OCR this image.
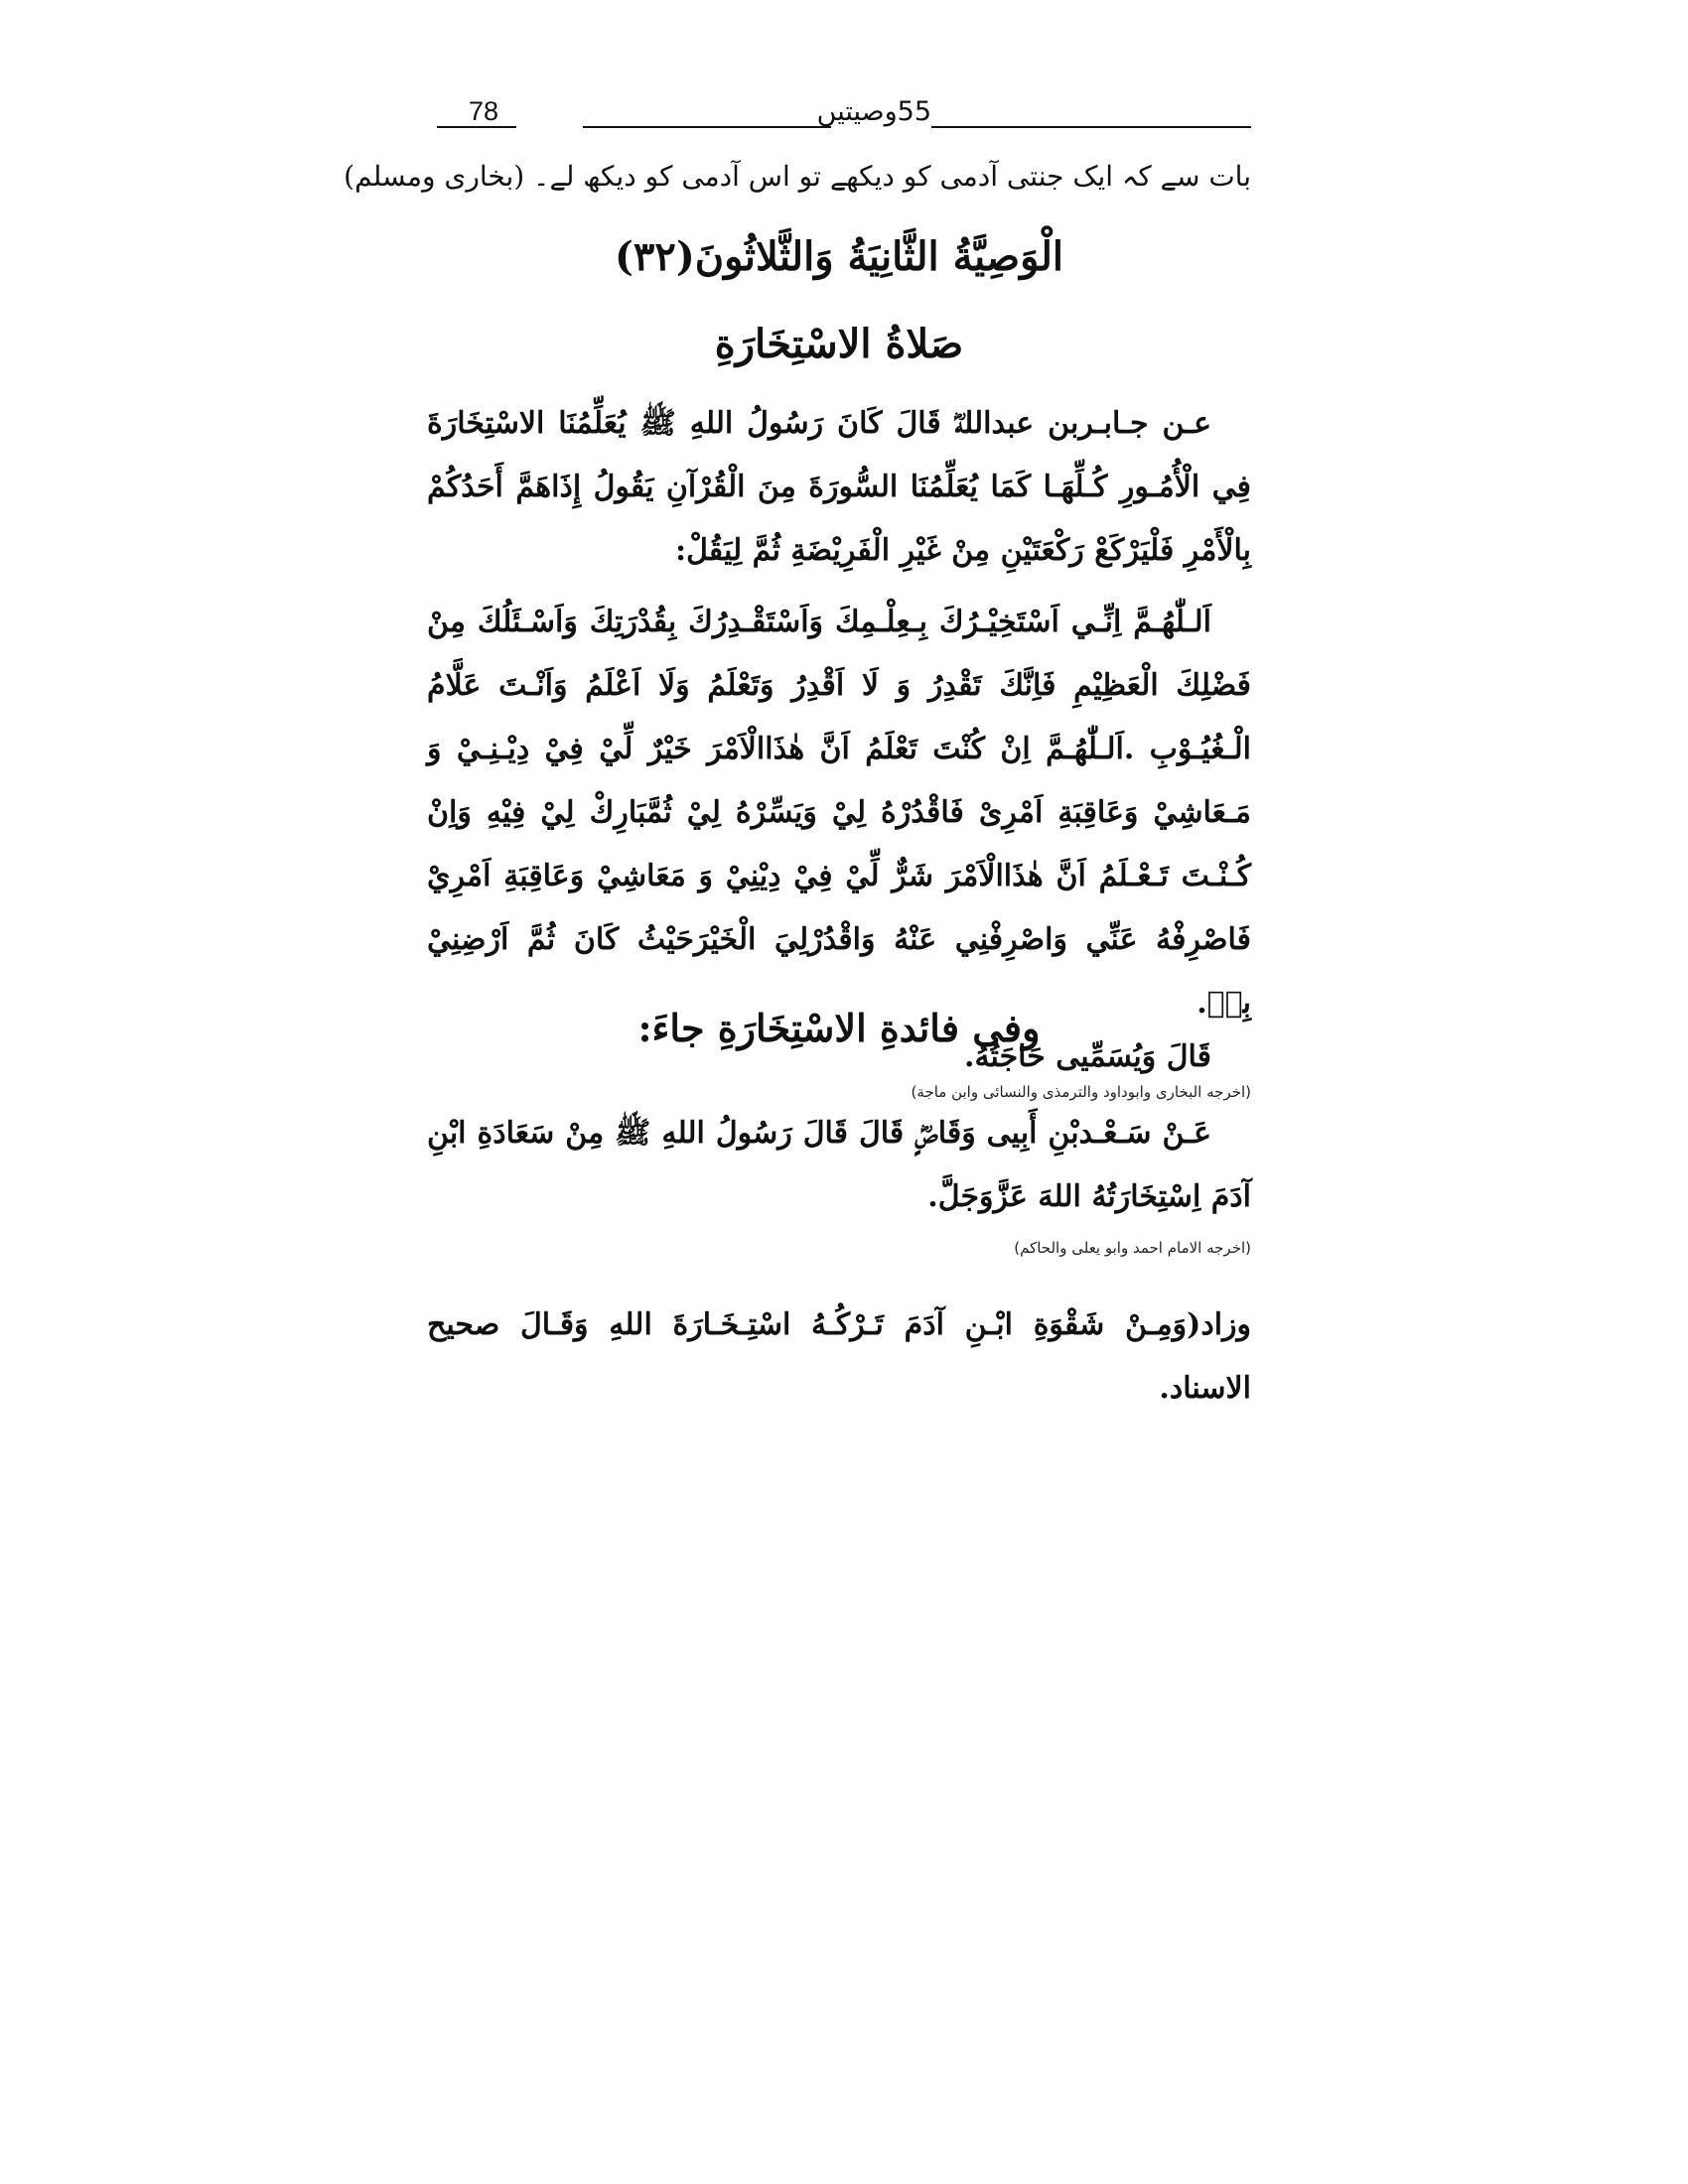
78	55وصیتیں
بات سے کہ ایک جنتی آدمی کو دیکھے تو اس آدمی کو دیکھ لے۔ (بخاری ومسلم)
الْوَصِيَّةُ الثَّانِيَةُ وَالثَّلاثُونَ(٣٢)
صَلاةُ الاسْتِخَارَةِ
عـن جـابـربن عبداللهؓ قَالَ كَانَ رَسُولُ اللهِ ﷺ يُعَلِّمُنَا الاسْتِخَارَةَ فِي الْأُمُـورِ كُـلِّهَـا كَمَا يُعَلِّمُنَا السُّورَةَ مِنَ الْقُرْآنِ يَقُولُ إِذَاهَمَّ أَحَدُكُمْ بِالْأَمْرِ فَلْيَرْكَعْ رَكْعَتَيْنِ مِنْ غَيْرِ الْفَرِيْضَةِ ثُمَّ لِيَقُلْ:
اَلـلّٰهُـمَّ اِنِّـي اَسْتَخِيْـرُكَ بِـعِلْـمِكَ وَاَسْتَقْـدِرُكَ بِقُدْرَتِكَ وَاَسْـئَلُكَ مِنْ فَضْلِكَ الْعَظِيْمِ فَاِنَّكَ تَقْدِرُ وَ لَا اَقْدِرُ وَتَعْلَمُ وَلَا اَعْلَمُ وَاَنْـتَ عَلَّامُ الْـغُيُـوْبِ .اَلـلّٰهُـمَّ اِنْ كُنْتَ تَعْلَمُ اَنَّ هٰذَاالْاَمْرَ خَيْرٌ لِّيْ فِيْ دِيْـنِـيْ وَ مَـعَاشِيْ وَعَاقِبَةِ اَمْرِىْ فَاقْدُرْهُ لِيْ وَيَسِّرْهُ لِيْ ثُمَّبَارِكْ لِيْ فِيْهِ وَاِنْ كُـنْـتَ تَـعْـلَمُ اَنَّ هٰذَاالْاَمْرَ شَرٌّ لِّيْ فِيْ دِيْنِيْ وَ مَعَاشِيْ وَعَاقِبَةِ اَمْرِيْ فَاصْرِفْهُ عَنِّي وَاصْرِفْنِي عَنْهُ وَاقْدُرْلِيَ الْخَيْرَحَيْثُ كَانَ ثُمَّ اَرْضِنِيْ بِهٖ.
قَالَ وَيُسَمِّيى حَاجَتُهُ.
(اخرجه البخاری وابوداود والترمذی والنسائی وابن ماجة)
وفى فائدةِ الاسْتِخَارَةِ جاءَ:
عَـنْ سَـعْـدبْنِ أَبِيى وَقَاصٍؓ قَالَ قَالَ رَسُولُ اللهِ ﷺ مِنْ سَعَادَةِ ابْنِ آدَمَ اِسْتِخَارَتُهُ اللهَ عَزَّوَجَلَّ.
(اخرجه الامام احمد وابو یعلی والحاکم)
وزاد(وَمِـنْ شَقْوَةِ ابْـنِ آدَمَ تَـرْكُـهُ اسْتِـخَـارَةَ اللهِ وَقَـالَ صحيح الاسناد.
